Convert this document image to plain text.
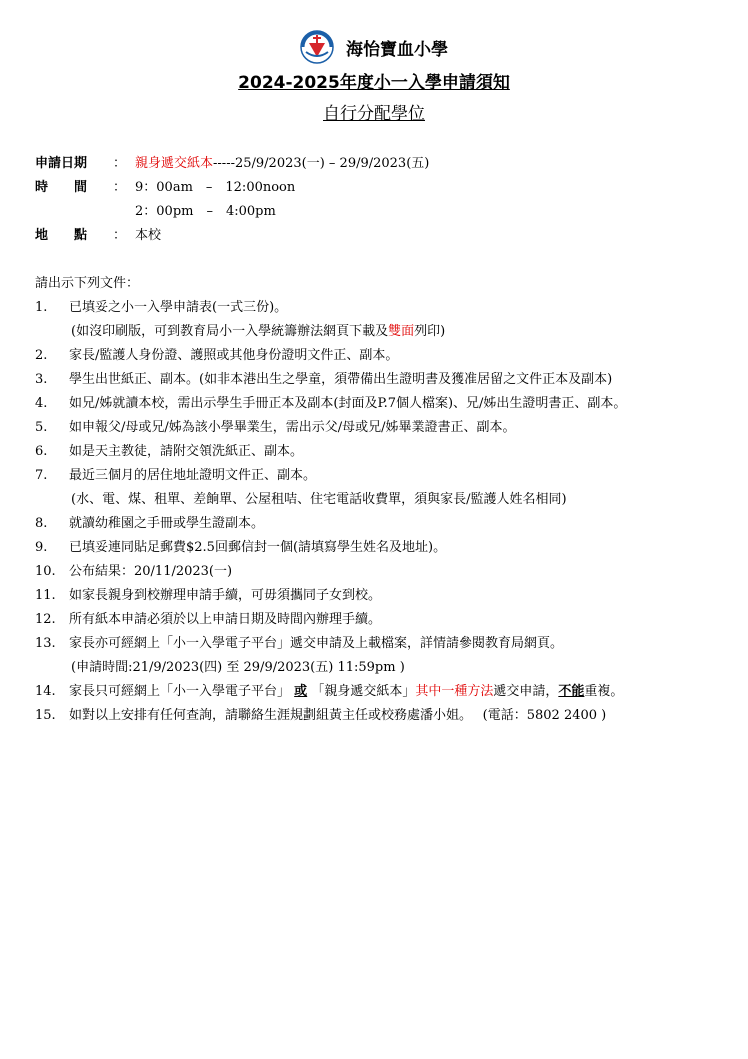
海怡寶血小學
2024-2025年度小一入學申請須知
自行分配學位
申請日期 ： 親身遞交紙本-----25/9/2023(一) – 29/9/2023(五)
時　　間 ： 9：00am　–　12:00noon
2：00pm　–　4:00pm
地　　點 ： 本校
請出示下列文件：
1. 已填妥之小一入學申請表(一式三份)。
(如沒印刷版，可到教育局小一入學統籌辦法網頁下載及雙面列印)
2. 家長/監護人身份證、護照或其他身份證明文件正、副本。
3. 學生出世紙正、副本。(如非本港出生之學童，須帶備出生證明書及獲准居留之文件正本及副本)
4. 如兄/姊就讀本校，需出示學生手冊正本及副本(封面及P.7個人檔案)、兄/姊出生證明書正、副本。
5. 如申報父/母或兄/姊為該小學畢業生，需出示父/母或兄/姊畢業證書正、副本。
6. 如是天主教徒，請附交領洗紙正、副本。
7. 最近三個月的居住地址證明文件正、副本。
(水、電、煤、租單、差餉單、公屋租咭、住宅電話收費單，須與家長/監護人姓名相同)
8. 就讀幼稚園之手冊或學生證副本。
9. 已填妥連同貼足郵費$2.5回郵信封一個(請填寫學生姓名及地址)。
10. 公布結果：20/11/2023(一)
11. 如家長親身到校辦理申請手續，可毋須攜同子女到校。
12. 所有紙本申請必須於以上申請日期及時間內辦理手續。
13. 家長亦可經網上「小一入學電子平台」遞交申請及上載檔案，詳情請參閱教育局網頁。
(申請時間:21/9/2023(四) 至 29/9/2023(五) 11:59pm )
14. 家長只可經網上「小一入學電子平台」 或 「親身遞交紙本」其中一種方法遞交申請，不能重複。
15. 如對以上安排有任何查詢，請聯絡生涯規劃組黃主任或校務處潘小姐。　 (電話：5802 2400 )
